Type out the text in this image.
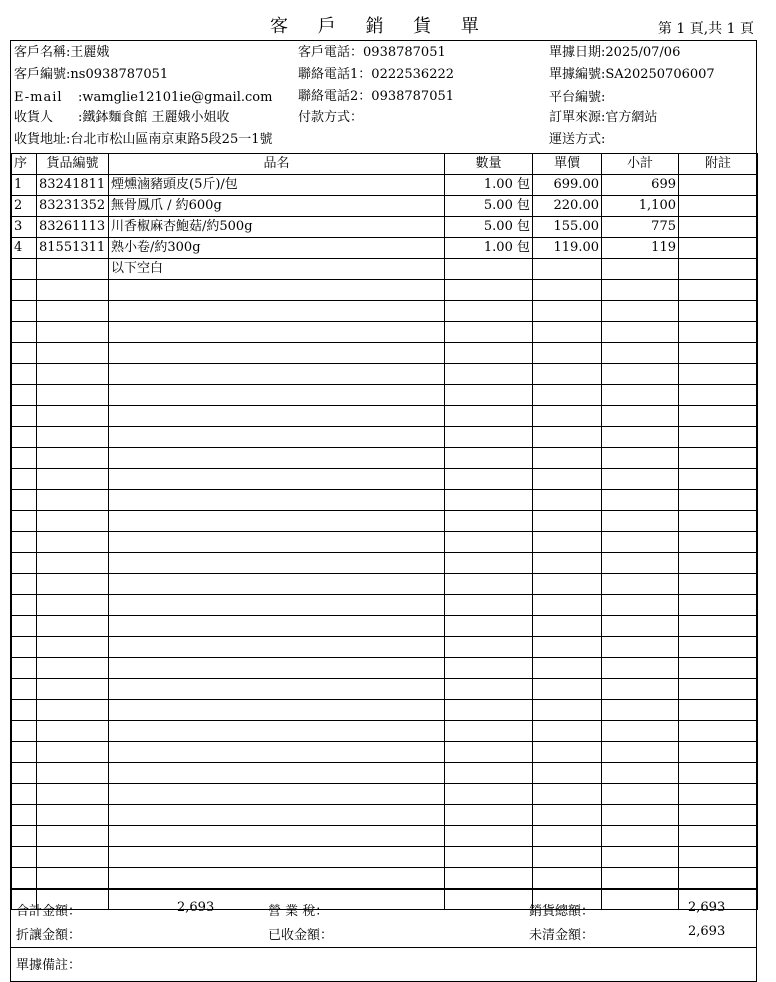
客 戶 銷 貨 單	第 1 頁,共 1 頁
客戶名稱:王麗娥
客戶編號:ns0938787051
E-mail :wamglie12101ie@gmail.com
收貨人 :鐵鉢麵食館 王麗娥小姐收
收貨地址:台北市松山區南京東路5段25一1號
客戶電話：0938787051
聯絡電話1：0222536222
聯絡電話2：0938787051
付款方式：
單據日期:2025/07/06
單據編號:SA20250706007
平台編號:
訂單來源:官方網站
運送方式:
序	貨品編號	品名	數量	單價	小計	附註
1	83241811	煙燻滷豬頭皮(5斤)/包	1.00 包	699.00	699	
2	83231352	無骨鳳爪 / 約600g	5.00 包	220.00	1,100	
3	83261113	川香椒麻杏鮑菇/約500g	5.00 包	155.00	775	
4	81551311	熟小卷/約300g	1.00 包	119.00	119	
		以下空白				

合計金額：	2,693	營 業 稅：	銷貨總額：	2,693
折讓金額：	已收金額：	未清金額：	2,693
單據備註：
